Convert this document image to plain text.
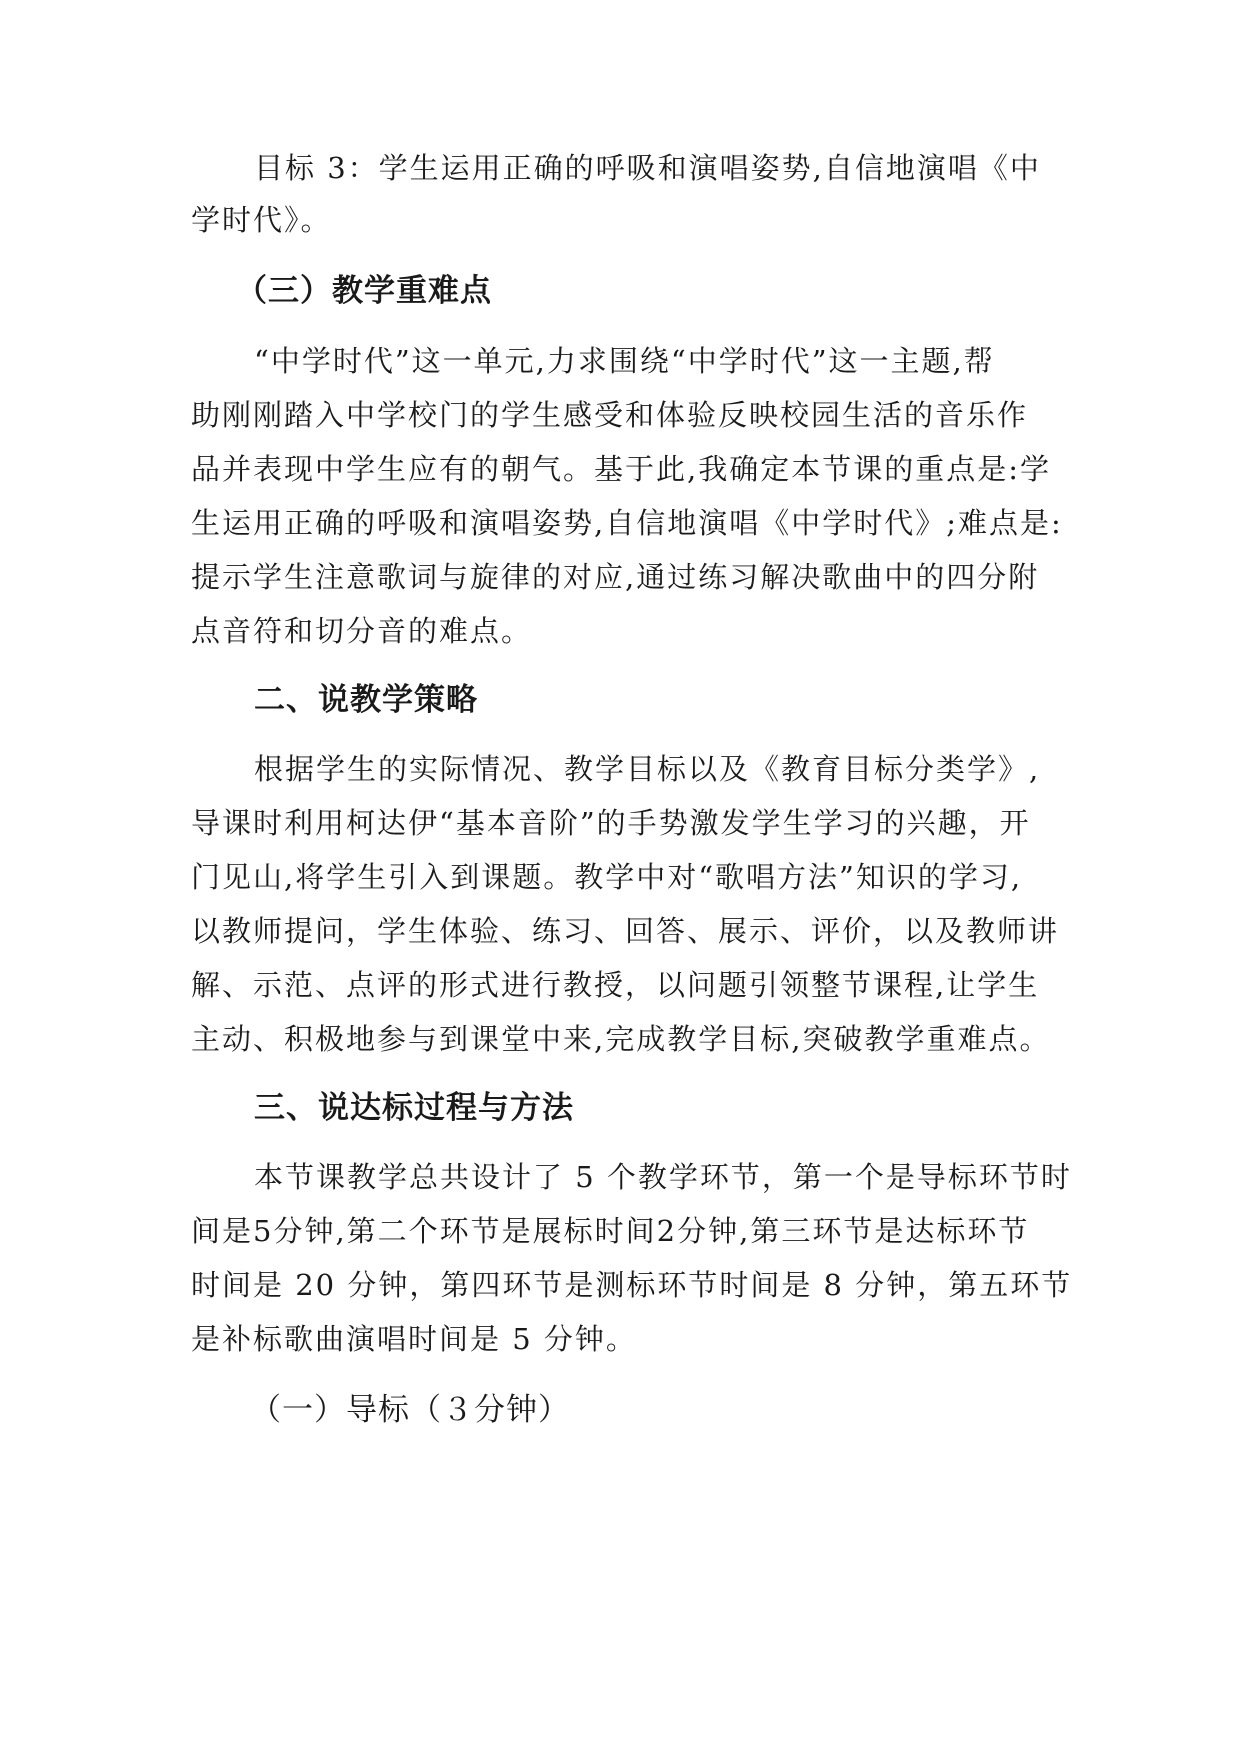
目标 3：学生运用正确的呼吸和演唱姿势,自信地演唱《中
学时代》。
（三）教学重难点
“中学时代”这一单元,力求围绕“中学时代”这一主题,帮
助刚刚踏入中学校门的学生感受和体验反映校园生活的音乐作
品并表现中学生应有的朝气。基于此,我确定本节课的重点是:学
生运用正确的呼吸和演唱姿势,自信地演唱《中学时代》;难点是:
提示学生注意歌词与旋律的对应,通过练习解决歌曲中的四分附
点音符和切分音的难点。
二、说教学策略
根据学生的实际情况、教学目标以及《教育目标分类学》,
导课时利用柯达伊“基本音阶”的手势激发学生学习的兴趣，开
门见山,将学生引入到课题。教学中对“歌唱方法”知识的学习,
以教师提问，学生体验、练习、回答、展示、评价，以及教师讲
解、示范、点评的形式进行教授，以问题引领整节课程,让学生
主动、积极地参与到课堂中来,完成教学目标,突破教学重难点。
三、说达标过程与方法
本节课教学总共设计了 5 个教学环节，第一个是导标环节时
间是5分钟,第二个环节是展标时间2分钟,第三环节是达标环节
时间是 20 分钟，第四环节是测标环节时间是 8 分钟，第五环节
是补标歌曲演唱时间是 5 分钟。
（一）导标（３分钟）
